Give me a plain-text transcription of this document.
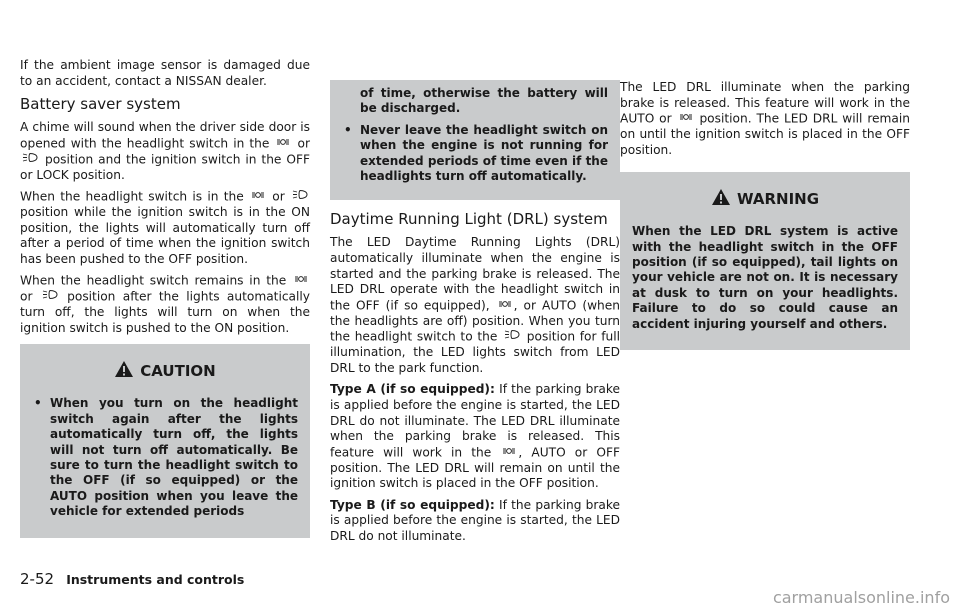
If the ambient image sensor is damaged due to an accident, contact a NISSAN dealer.

Battery saver system

A chime will sound when the driver side door is opened with the headlight switch in the or  position and the ignition switch in the OFF or LOCK position.

When the headlight switch is in the or  position while the ignition switch is in the ON position, the lights will automatically turn off after a period of time when the ignition switch has been pushed to the OFF position.

When the headlight switch remains in the  or	position after the lights automatically turn off, the lights will turn on when the ignition switch is pushed to the ON position.

CAUTION
• When you turn on the headlight switch again after the lights automatically turn off, the lights will not turn off automatically. Be sure to turn the headlight switch to the OFF (if so equipped) or the AUTO position when you leave the vehicle for extended periods
of time, otherwise the battery will be discharged.
• Never leave the headlight switch on when the engine is not running for extended periods of time even if the headlights turn off automatically.
Daytime Running Light (DRL) system

The LED Daytime Running Lights (DRL) automatically illuminate when the engine is started and the parking brake is released. The LED DRL operate with the headlight switch in the OFF (if so equipped), , or AUTO (when the headlights are off) position. When you turn the headlight switch to the position for full illumination, the LED lights switch from LED DRL to the park function.

Type A (if so equipped): If the parking brake is applied before the engine is started, the LED DRL do not illuminate. The LED DRL illuminate when the parking brake is released. This feature will work in the , AUTO or OFF position. The LED DRL will remain on until the ignition switch is placed in the OFF position.

Type B (if so equipped): If the parking brake is applied before the engine is started, the LED DRL do not illuminate.

The LED DRL illuminate when the parking brake is released. This feature will work in the AUTO or position. The LED DRL will remain on until the ignition switch is placed in the OFF position.

WARNING

When the LED DRL system is active with the headlight switch in the OFF position (if so equipped), tail lights on your vehicle are not on. It is necessary at dusk to turn on your headlights. Failure to do so could cause an accident injuring yourself and others.

2-52 Instruments and controls
carmanualsonline.info
